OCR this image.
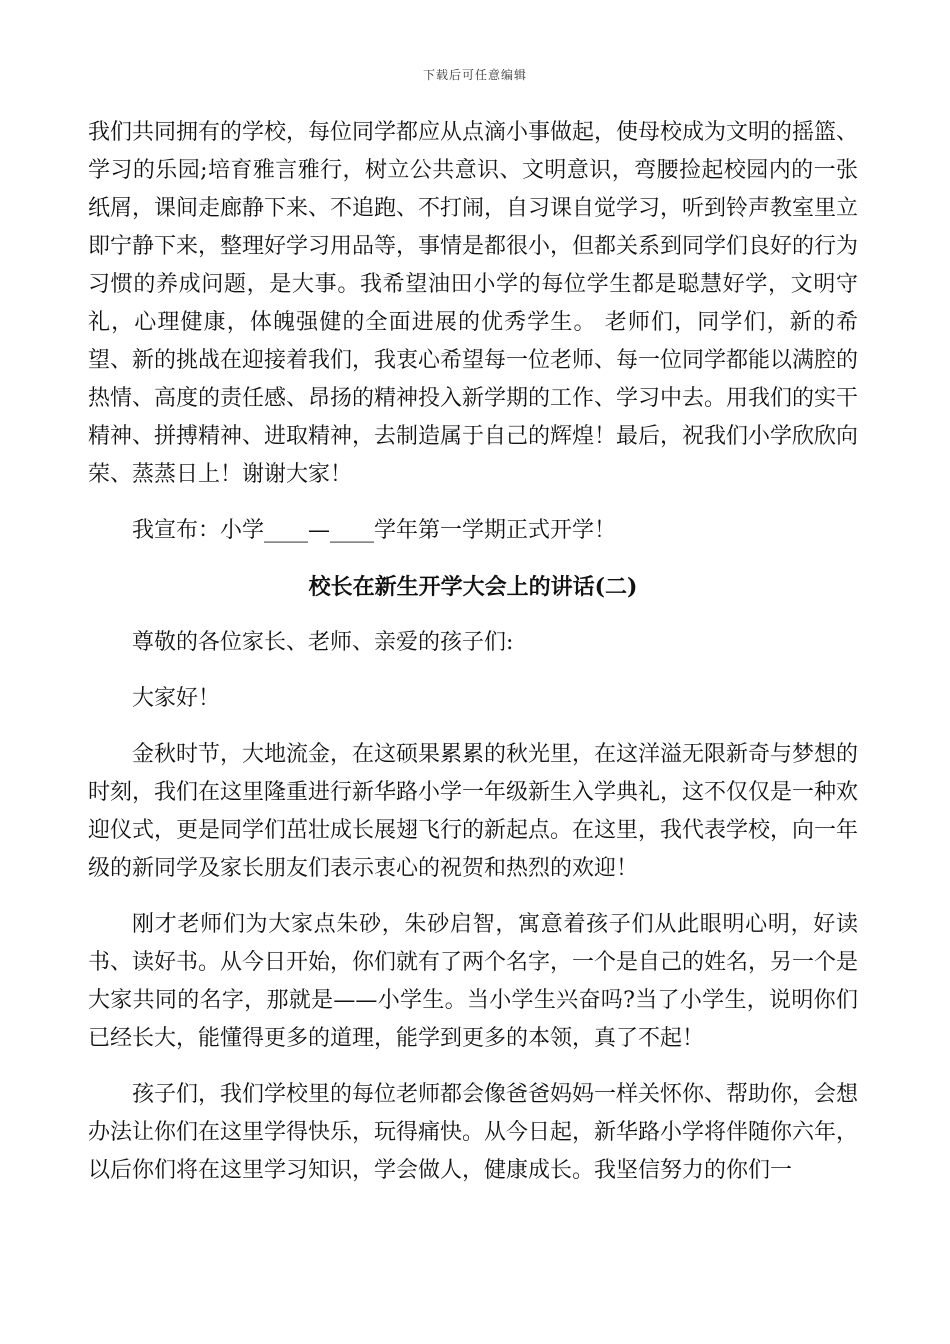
下载后可任意编辑

我们共同拥有的学校，每位同学都应从点滴小事做起，使母校成为文明的摇篮、学习的乐园;培育雅言雅行，树立公共意识、文明意识，弯腰捡起校园内的一张纸屑，课间走廊静下来、不追跑、不打闹，自习课自觉学习，听到铃声教室里立即宁静下来，整理好学习用品等，事情是都很小，但都关系到同学们良好的行为习惯的养成问题，是大事。我希望油田小学的每位学生都是聪慧好学，文明守礼，心理健康，体魄强健的全面进展的优秀学生。 老师们，同学们，新的希望、新的挑战在迎接着我们，我衷心希望每一位老师、每一位同学都能以满腔的热情、高度的责任感、昂扬的精神投入新学期的工作、学习中去。用我们的实干精神、拼搏精神、进取精神，去制造属于自己的辉煌！最后，祝我们小学欣欣向荣、蒸蒸日上！谢谢大家！

我宣布：小学____—____学年第一学期正式开学！

校长在新生开学大会上的讲话(二)

尊敬的各位家长、老师、亲爱的孩子们:

大家好！

金秋时节，大地流金，在这硕果累累的秋光里，在这洋溢无限新奇与梦想的时刻，我们在这里隆重进行新华路小学一年级新生入学典礼，这不仅仅是一种欢迎仪式，更是同学们茁壮成长展翅飞行的新起点。在这里，我代表学校，向一年级的新同学及家长朋友们表示衷心的祝贺和热烈的欢迎！

刚才老师们为大家点朱砂，朱砂启智，寓意着孩子们从此眼明心明，好读书、读好书。从今日开始，你们就有了两个名字，一个是自己的姓名，另一个是大家共同的名字，那就是——小学生。当小学生兴奋吗?当了小学生，说明你们已经长大，能懂得更多的道理，能学到更多的本领，真了不起！

孩子们，我们学校里的每位老师都会像爸爸妈妈一样关怀你、帮助你，会想办法让你们在这里学得快乐，玩得痛快。从今日起，新华路小学将伴随你六年，以后你们将在这里学习知识，学会做人，健康成长。我坚信努力的你们一
